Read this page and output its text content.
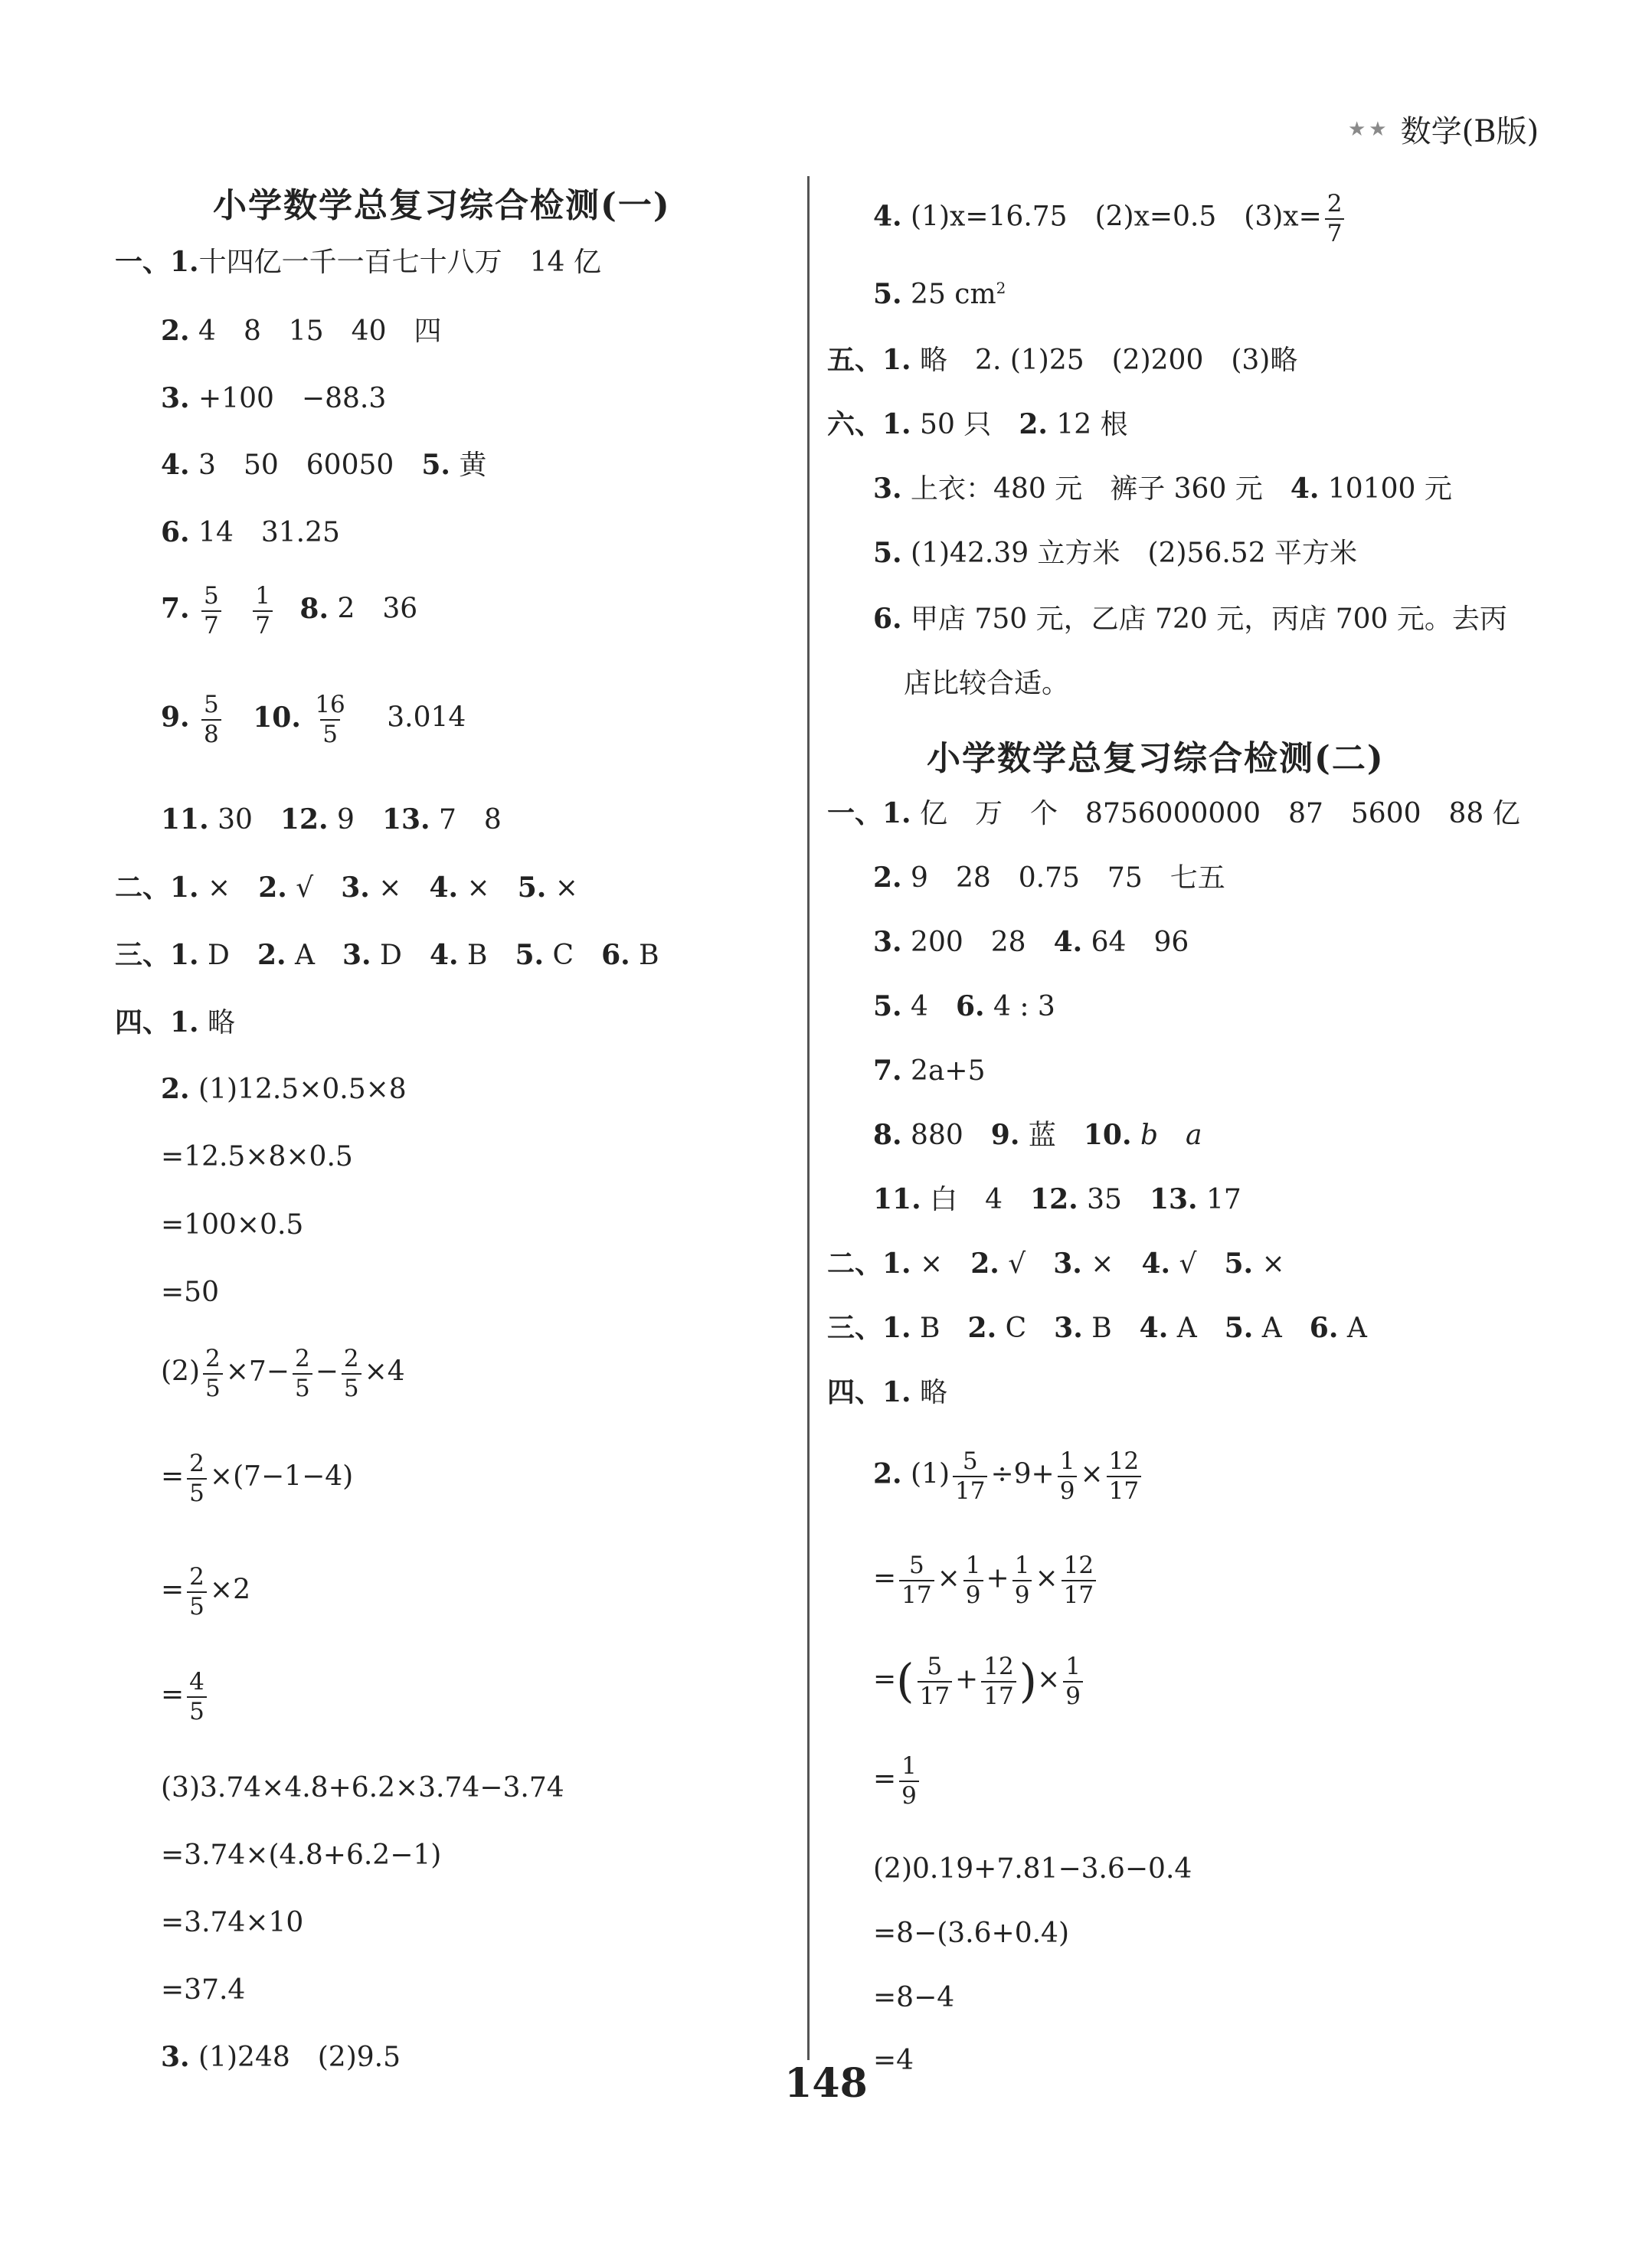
★★ 数学(B版)
小学数学总复习综合检测(一)
一、1.十四亿一千一百七十八万　14 亿
2. 4　8　15　40　四
3. +100　−88.3
4. 3　50　60050　 5. 黄
6. 14　31.25
7. $\frac{5}{7}$
$\frac{1}{7} 8$. 2　36
9. $\frac{5}{8} 10$. $\frac{16}{5}$
　 3.014
11. 30　 12. 9　 13. 7　8
二、1. ×　 2. √　 3. ×　 4. ×　 5. ×
三、1. D　 2. A　 3. D　 4. B　 5. C　 6. B
四、1. 略
2. (1)12.5×0.5×8
=12.5×8×0.5
=100×0.5
=50
$(2) \frac{2}{5} \times 7- \frac{2}{5} - \frac{2}{5} \times 4$
= $\frac{2}{5} \times(7-1-4)$
= $\frac{2}{5} \times 2$
= $\frac{4}{5}$
(3)3.74×4.8+6.2×3.74−3.74
=3.74×(4.8+6.2−1)
=3.74×10
=37.4
3. (1)248　(2)9.5
4. (1)x=16.75　(2)x=0.5　$(3)x= \frac{2}{7}$
5. 25 $cm^2$
五、1. 略　2. (1)25　(2)200　(3)略
六、1. 50 只　 2. 12 根
3. 上衣：480 元　裤子 360 元　 4. 10100 元
5. (1)42.39 立方米　(2)56.52 平方米
6. 甲店 750 元，乙店 720 元，丙店 700 元。去丙
店比较合适。
小学数学总复习综合检测(二)
一、1. 亿　万　个　8756000000　87　5600　88 亿
2. 9　28　0.75　75　七五
3. 200　28　 4. 64　96
5. 4　 6. 4 : 3
7. 2a+5
8. 880　 9. 蓝　 10. b　a
11. 白　4　 12. 35　 13. 17
二、1. ×　 2. √　 3. ×　 4. √　 5. ×
三、1. B　 2. C　 3. B　 4. A　 5. A　 6. A
四、1. 略
2. $(1) \frac{5}{17} \div 9+ \frac{1}{9} \times \frac{12}{17}$
= $\frac{5}{17} \times \frac{1}{9} + \frac{1}{9} \times \frac{12}{17}$
=( $\frac{5}{17} + \frac{12}{17}$ )× $\frac{1}{9}$
= $\frac{1}{9}$
(2)0.19+7.81−3.6−0.4
=8−(3.6+0.4)
=8−4
=4
148
